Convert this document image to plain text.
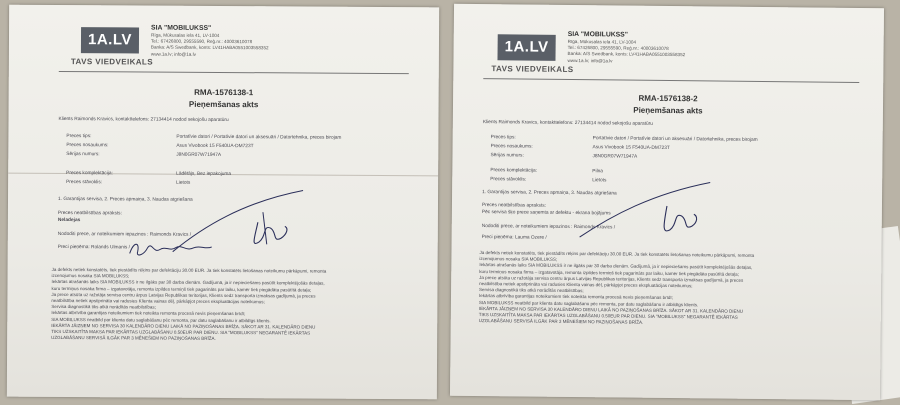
1A.LV
TAVS VIEDVEIKALS
SIA "MOBILUKSS"
Rīga, Mūkusalas iela 41, LV-1004
Tel.: 67426800, 29555590, Reģ.nr.: 40003610078
Banka: A/S Swedbank, konts: LV41HABA0551003558352
www.1a.lv; info@1a.lv
RMA-1576138-1
Pieņemšanas akts
Klients Raimonds Kravics, kontakttelefons: 27134414 nodod sekojošu aparatūru
Preces tips:	Portatīvie datori / Portatīvie datori un aksesuāri / Datortehnika, preces birojam
Preces nosaukums:	Asus Vivobook 15 F540UA-DM723T
Sērijas numurs:	J8N0GR07W71947A
Preces komplektācija:	Lādētājs, Bez iepakojuma
Preces stāvoklis:	Lietots
1. Garantijas servisa, 2. Preces apmaiņa, 3. Naudas atgriešana
Preces neatbilstības apraksts:
Neladejas
Nododiti prece, ar noteikumiem iepazinos : Raimonds Kravics /
Preci pieņēma: Rolands Ulmanis /
Ja defekts netiek konstatēts, tiek piestādīts rēķins par defektāciju 30.00 EUR. Ja tiek konstatēts lietošanas noteikumu pārkāpumi, remonta
izcenojumus nosaka SIA MOBILUKSS;
Iekārtas atrašanās laiks SIA MOBILUKSS ir ne ilgāks par 30 darba dienām. Gadījumā, ja ir nepieciešams pasūtīt komplektējošās detaļas,
kuru termiņus nosaka firma – izgatavotāja, remonta izpildes termiņš tiek pagarināts par laiku, kamēr tiek piegādāta pasūtītā detaļa;
Ja prece atsūta uz ražotāja servisa centru ārpus Latvijas Republikas teritorijas, Klients sedz transporta izmaksas gadījumā, ja preces
neatbilstība netiek apstiprināta vai radusies Klienta vainas dēļ, pārkāpjot preces ekspluatācijas noteikumus;
Servisa diagnostikā tiks atkā norādītās neatbilstības;
Iekārtas atbrīvība garantijas noteikumiem tiek noteikta remonta procesā nevis pieņemšanas brīdī;
SIA MOBILUKSS neatbild par klienta datu saglabāšanu pēc remonta, par datu saglabāšanu ir atbildīgs klients.
IEKĀRTA JĀIZŅEM NO SERVISA 30 KALENDĀRO DIENU LAIKĀ NO PAZIŅOŠANAS BRĪŽA. SĀKOT AR 31. KALENDĀRO DIENU
TIKS UZSKAITĪTA MAKSA PAR IEKĀRTAS UZGLABĀŠANU 0.50EUR PAR DIENU. SIA "MOBILUKSS" NEGARANTĒ IEKĀRTAS
UZGLABĀŠANU SERVISĀ ILGĀK PAR 3 MĒNEŠIEM NO PAZIŅOŠANAS BRĪŽA.
1A.LV
TAVS VIEDVEIKALS
SIA "MOBILUKSS"
Rīga, Mūkusalas iela 41, LV-1004
Tel.: 67426800, 29555590, Reģ.nr.: 40003610078
Banka: A/S Swedbank, konts: LV41HABA0551003558352
www.1a.lv; info@1a.lv
RMA-1576138-2
Pieņemšanas akts
Klients Raimonds Kravics, kontakttelefons: 27134414 nodod sekojošu aparatūru
Preces tips:	Portatīvie datori / Portatīvie datori un aksesuāri / Datortehnika, preces birojam
Preces nosaukums:	Asus Vivobook 15 F540UA-DM723T
Sērijas numurs:	J8N0GR07W71947A
Preces komplektācija:	Pilna
Preces stāvoklis:	Lietots
1. Garantijas servisa, 2. Preces apmaiņa, 3. Naudas atgriešana
Preces neatbilstības apraksts:
Pēc servisa šķo prece saņemta ar defektu - ekrana bojājums
Nododiti prece, ar noteikumiem iepazinos : Raimonds Kravics /
Preci pieņēma: Lauma Ozere /
Ja defekts netiek konstatēts, tiek piestādīts rēķins par defektāciju 30.00 EUR. Ja tiek konstatēts lietošanas noteikumu pārkāpumi, remonta
izcenojumus nosaka SIA MOBILUKSS;
Iekārtas atrašanās laiks SIA MOBILUKSS ir ne ilgāks par 30 darba dienām. Gadījumā, ja ir nepieciešams pasūtīt komplektējošās detaļas,
kuru termiņus nosaka firma – izgatavotāja, remonta izpildes termiņš tiek pagarināts par laiku, kamēr tiek piegādāta pasūtītā detaļa;
Ja prece atsūta uz ražotāja servisa centru ārpus Latvijas Republikas teritorijas, Klients sedz transporta izmaksas gadījumā, ja preces
neatbilstība netiek apstiprināta vai radusies Klienta vainas dēļ, pārkāpjot preces ekspluatācijas noteikumus;
Servisa diagnostikā tiks atkā norādītās neatbilstības;
Iekārtas atbrīvība garantijas noteikumiem tiek noteikta remonta procesā nevis pieņemšanas brīdī;
SIA MOBILUKSS neatbild par klienta datu saglabāšanu pēc remonta, par datu saglabāšanu ir atbildīgs klients.
IEKĀRTA JĀIZŅEM NO SERVISA 30 KALENDĀRO DIENU LAIKĀ NO PAZIŅOŠANAS BRĪŽA. SĀKOT AR 31. KALENDĀRO DIENU
TIKS UZSKAITĪTA MAKSA PAR IEKĀRTAS UZGLABĀŠANU 0.50EUR PAR DIENU. SIA "MOBILUKSS" NEGARANTĒ IEKĀRTAS
UZGLABĀŠANU SERVISĀ ILGĀK PAR 3 MĒNEŠIEM NO PAZIŅOŠANAS BRĪŽA.
